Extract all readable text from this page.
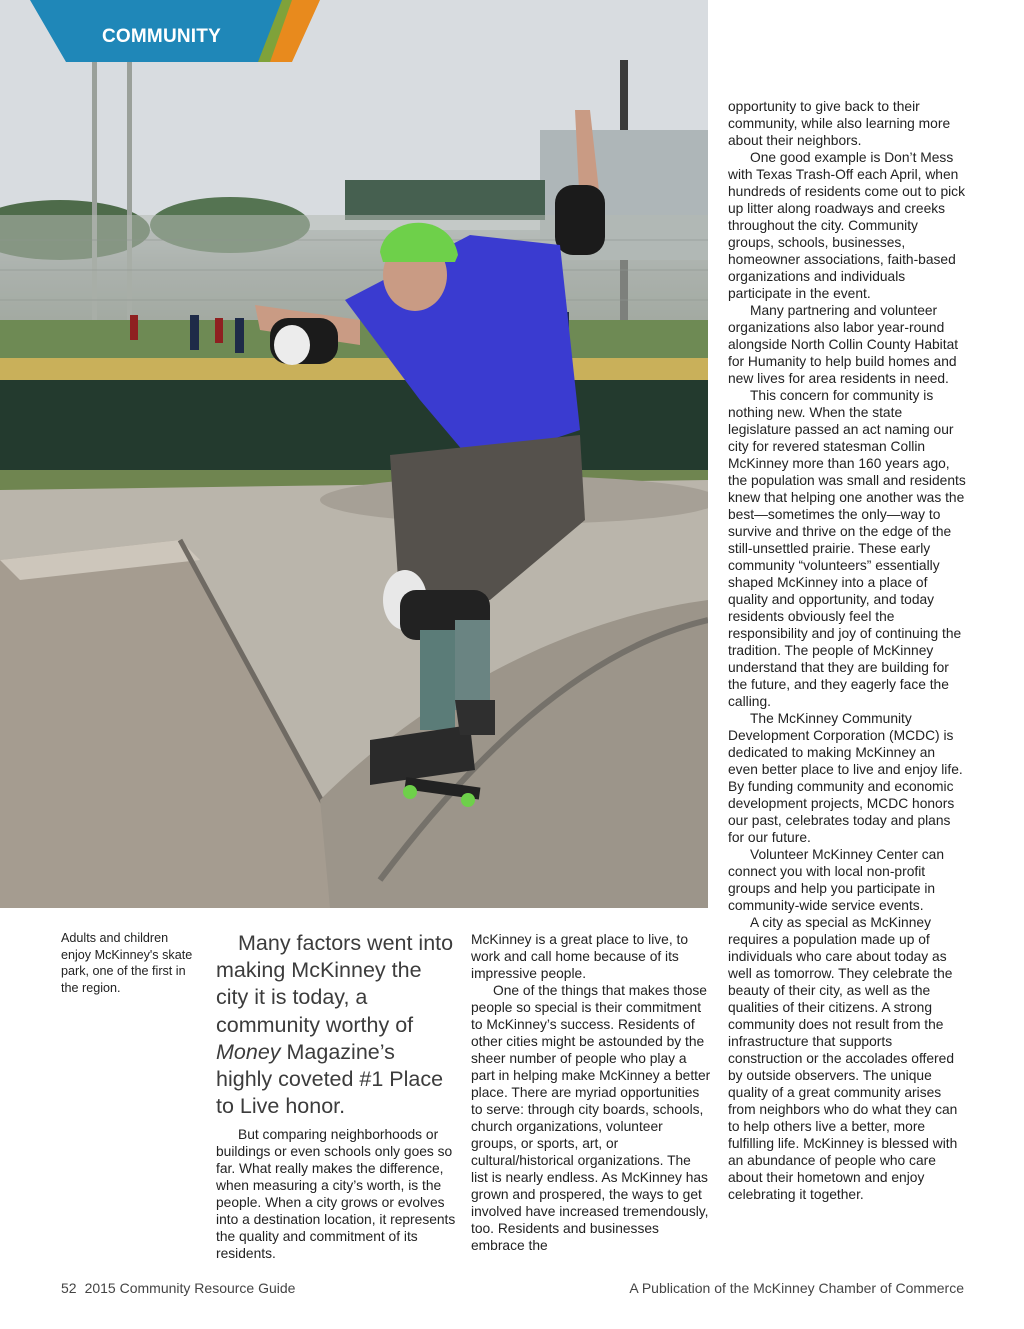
COMMUNITY
Adults and children enjoy McKinney's skate park, one of the first in the region.
Many factors went into making McKinney the city it is today, a community worthy of Money Magazine’s highly coveted #1 Place to Live honor.

But comparing neighborhoods or buildings or even schools only goes so far. What really makes the difference, when measuring a city’s worth, is the people. When a city grows or evolves into a destination location, it represents the quality and commitment of its residents.

McKinney is a great place to live, to work and call home because of its impressive people.

One of the things that makes those people so special is their commitment to McKinney’s success. Residents of other cities might be astounded by the sheer number of people who play a part in helping make McKinney a better place. There are myriad opportunities to serve: through city boards, schools, church organizations, volunteer groups, or sports, art, or cultural/historical organizations. The list is nearly endless. As McKinney has grown and prospered, the ways to get involved have increased tremendously, too. Residents and businesses embrace the

opportunity to give back to their community, while also learning more about their neighbors.

One good example is Don’t Mess with Texas Trash-Off each April, when hundreds of residents come out to pick up litter along roadways and creeks throughout the city. Community groups, schools, businesses, homeowner associations, faith-based organizations and individuals participate in the event.

Many partnering and volunteer organizations also labor year-round alongside North Collin County Habitat for Humanity to help build homes and new lives for area residents in need.

This concern for community is nothing new. When the state legislature passed an act naming our city for revered statesman Collin McKinney more than 160 years ago, the population was small and residents knew that helping one another was the best—sometimes the only—way to survive and thrive on the edge of the still-unsettled prairie. These early community “volunteers” essentially shaped McKinney into a place of quality and opportunity, and today residents obviously feel the responsibility and joy of continuing the tradition. The people of McKinney understand that they are building for the future, and they eagerly face the calling.

The McKinney Community Development Corporation (MCDC) is dedicated to making McKinney an even better place to live and enjoy life. By funding community and economic development projects, MCDC honors our past, celebrates today and plans for our future.

Volunteer McKinney Center can connect you with local non-profit groups and help you participate in community-wide service events.

A city as special as McKinney requires a population made up of individuals who care about today as well as tomorrow. They celebrate the beauty of their city, as well as the qualities of their citizens. A strong community does not result from the infrastructure that supports construction or the accolades offered by outside observers. The unique quality of a great community arises from neighbors who do what they can to help others live a better, more fulfilling life. McKinney is blessed with an abundance of people who care about their hometown and enjoy celebrating it together.

52 2015 Community Resource Guide	A Publication of the McKinney Chamber of Commerce
